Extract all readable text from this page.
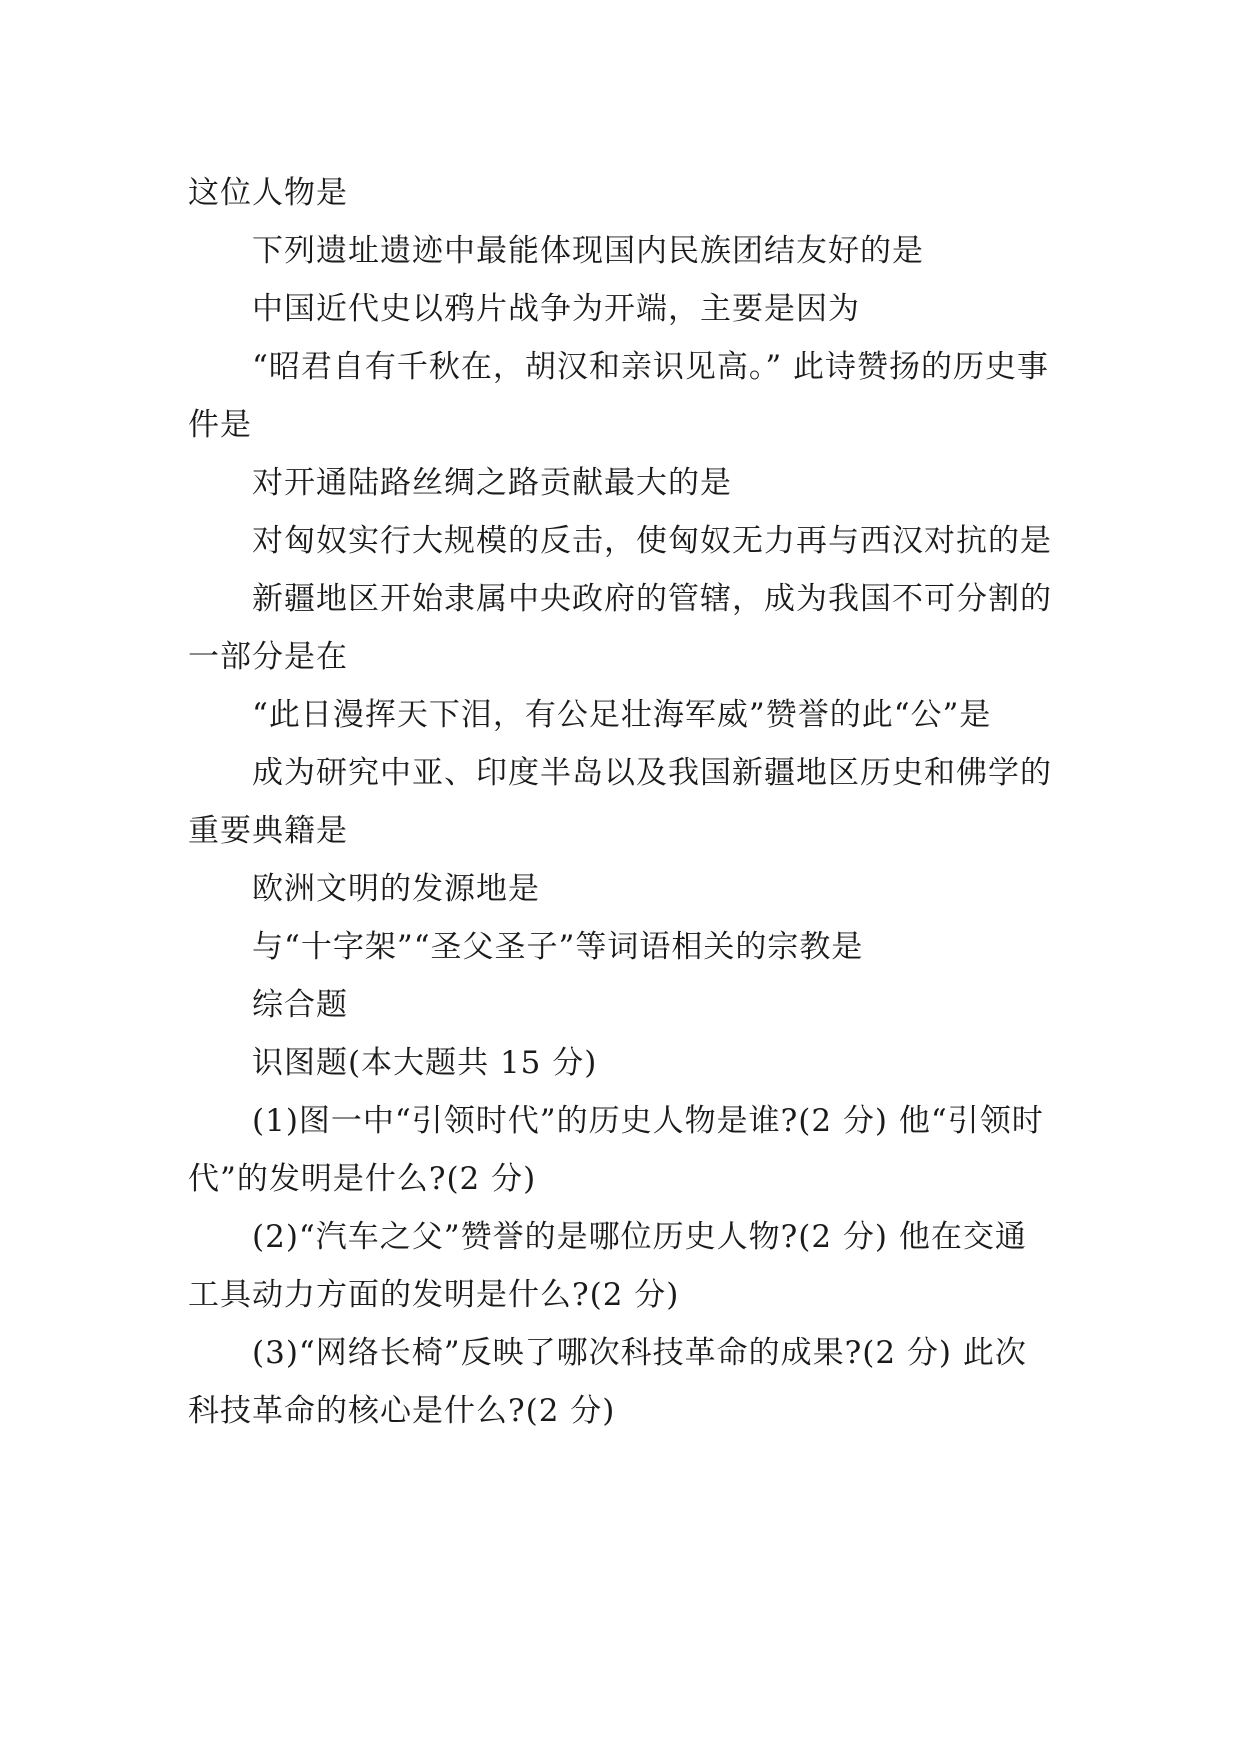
这位人物是

下列遗址遗迹中最能体现国内民族团结友好的是

中国近代史以鸦片战争为开端，主要是因为

“昭君自有千秋在，胡汉和亲识见高。” 此诗赞扬的历史事件是

对开通陆路丝绸之路贡献最大的是

对匈奴实行大规模的反击，使匈奴无力再与西汉对抗的是

新疆地区开始隶属中央政府的管辖，成为我国不可分割的一部分是在

“此日漫挥天下泪，有公足壮海军威”赞誉的此“公”是

成为研究中亚、印度半岛以及我国新疆地区历史和佛学的重要典籍是

欧洲文明的发源地是

与“十字架”“圣父圣子”等词语相关的宗教是

综合题

识图题(本大题共 15 分)

(1)图一中“引领时代”的历史人物是谁?(2 分) 他“引领时代”的发明是什么?(2 分)

(2)“汽车之父”赞誉的是哪位历史人物?(2 分) 他在交通工具动力方面的发明是什么?(2 分)

(3)“网络长椅”反映了哪次科技革命的成果?(2 分) 此次科技革命的核心是什么?(2 分)
